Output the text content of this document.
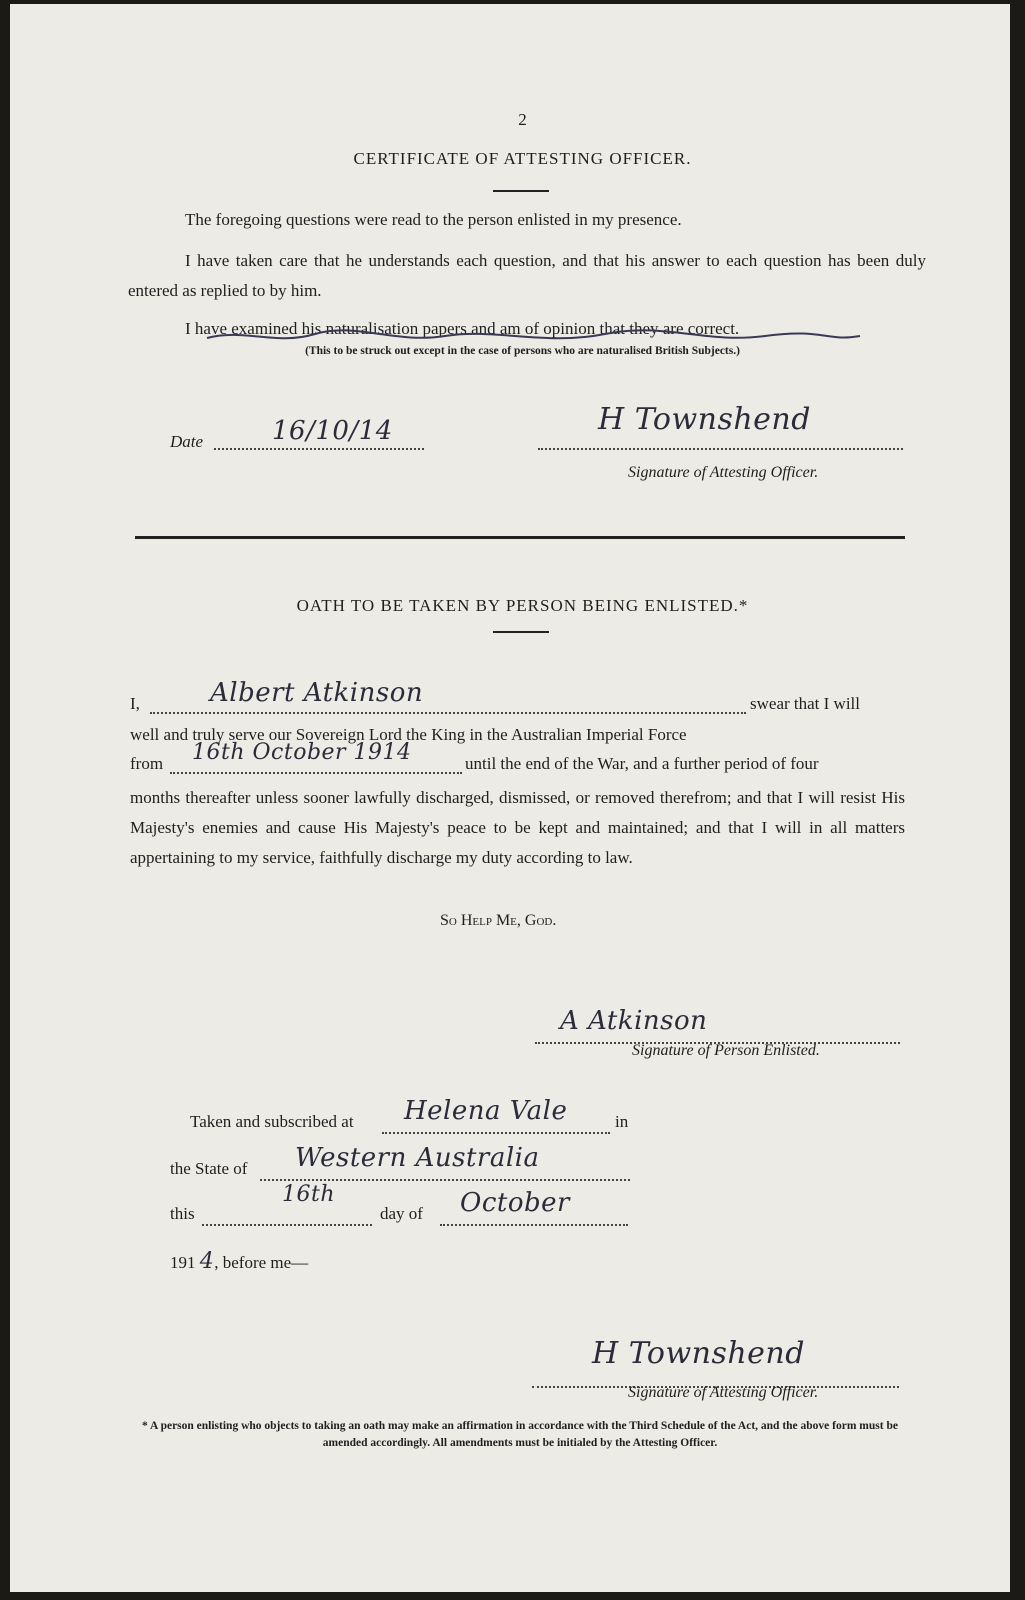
2
CERTIFICATE OF ATTESTING OFFICER.
The foregoing questions were read to the person enlisted in my presence.
I have taken care that he understands each question, and that his answer to each question has been duly entered as replied to by him.
I have examined his naturalisation papers and am of opinion that they are correct.
(This to be struck out except in the case of persons who are naturalised British Subjects.)
Date	16/10/14	H Townshend
Signature of Attesting Officer.
OATH TO BE TAKEN BY PERSON BEING ENLISTED.*
I,	Albert Atkinson	swear that I will
well and truly serve our Sovereign Lord the King in the Australian Imperial Force
from 16th October 1914	until the end of the War, and a further period of four
months thereafter unless sooner lawfully discharged, dismissed, or removed therefrom; and that I will resist His Majesty's enemies and cause His Majesty's peace to be kept and maintained; and that I will in all matters appertaining to my service, faithfully discharge my duty according to law.
So Help Me, God.
A Atkinson
Signature of Person Enlisted.
Taken and subscribed at Helena Vale	in
the State of Western Australia
this
16th
day of October
191 4, before me—
H Townshend
Signature of Attesting Officer.
* A person enlisting who objects to taking an oath may make an affirmation in accordance with the Third Schedule of the Act, and the above form must be amended accordingly. All amendments must be initialed by the Attesting Officer.
